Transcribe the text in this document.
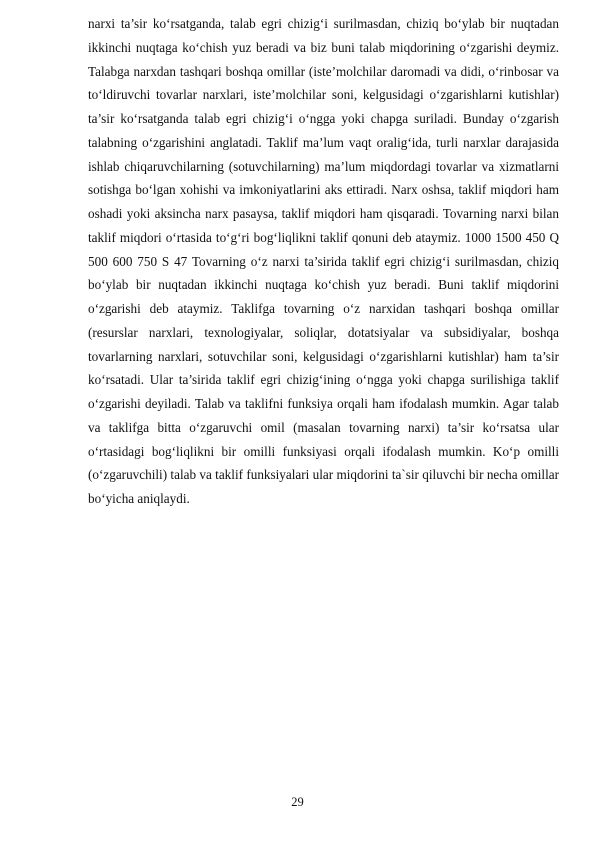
narxi ta’sir ko‘rsatganda, talab egri chizig‘i surilmasdan, chiziq bo‘ylab bir nuqtadan ikkinchi nuqtaga ko‘chish yuz beradi va biz buni talab miqdorining o‘zgarishi deymiz. Talabga narxdan tashqari boshqa omillar (iste’molchilar daromadi va didi, o‘rinbosar va to‘ldiruvchi tovarlar narxlari, iste’molchilar soni, kelgusidagi o‘zgarishlarni kutishlar) ta’sir ko‘rsatganda talab egri chizig‘i o‘ngga yoki chapga suriladi. Bunday o‘zgarish talabning o‘zgarishini anglatadi. Taklif ma’lum vaqt oralig‘ida, turli narxlar darajasida ishlab chiqaruvchilarning (sotuvchilarning) ma’lum miqdordagi tovarlar va xizmatlarni sotishga bo‘lgan xohishi va imkoniyatlarini aks ettiradi. Narx oshsa, taklif miqdori ham oshadi yoki aksincha narx pasaysa, taklif miqdori ham qisqaradi. Tovarning narxi bilan taklif miqdori o‘rtasida to‘g‘ri bog‘liqlikni taklif qonuni deb ataymiz. 1000 1500 450 Q 500 600 750 S 47 Tovarning o‘z narxi ta’sirida taklif egri chizig‘i surilmasdan, chiziq bo‘ylab bir nuqtadan ikkinchi nuqtaga ko‘chish yuz beradi. Buni taklif miqdorini o‘zgarishi deb ataymiz. Taklifga tovarning o‘z narxidan tashqari boshqa omillar (resurslar narxlari, texnologiyalar, soliqlar, dotatsiyalar va subsidiyalar, boshqa tovarlarning narxlari, sotuvchilar soni, kelgusidagi o‘zgarishlarni kutishlar) ham ta’sir ko‘rsatadi. Ular ta’sirida taklif egri chizig‘ining o‘ngga yoki chapga surilishiga taklif o‘zgarishi deyiladi. Talab va taklifni funksiya orqali ham ifodalash mumkin. Agar talab va taklifga bitta o‘zgaruvchi omil (masalan tovarning narxi) ta’sir ko‘rsatsa ular o‘rtasidagi bog‘liqlikni bir omilli funksiyasi orqali ifodalash mumkin. Ko‘p omilli (o‘zgaruvchili) talab va taklif funksiyalari ular miqdorini ta`sir qiluvchi bir necha omillar bo‘yicha aniqlaydi.

29
